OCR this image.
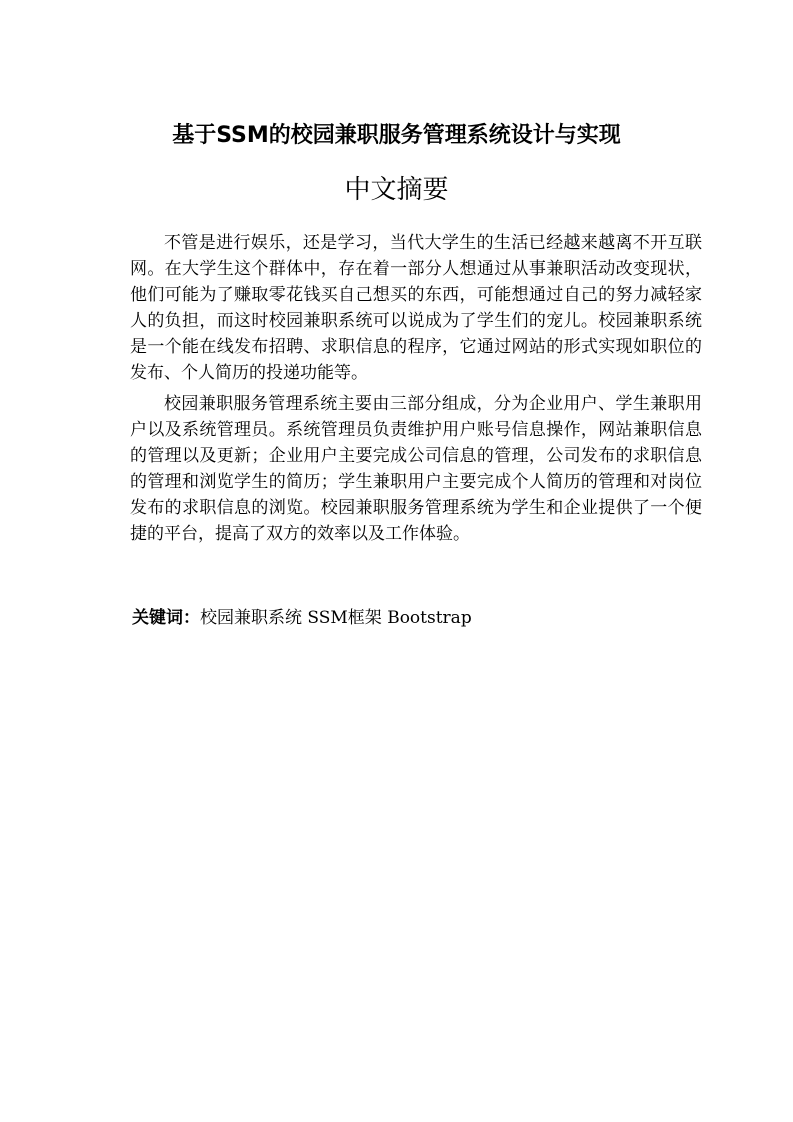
基于SSM的校园兼职服务管理系统设计与实现
中文摘要

不管是进行娱乐，还是学习，当代大学生的生活已经越来越离不开互联网。在大学生这个群体中，存在着一部分人想通过从事兼职活动改变现状，他们可能为了赚取零花钱买自己想买的东西，可能想通过自己的努力减轻家人的负担，而这时校园兼职系统可以说成为了学生们的宠儿。校园兼职系统是一个能在线发布招聘、求职信息的程序，它通过网站的形式实现如职位的发布、个人简历的投递功能等。

校园兼职服务管理系统主要由三部分组成，分为企业用户、学生兼职用户以及系统管理员。系统管理员负责维护用户账号信息操作，网站兼职信息的管理以及更新；企业用户主要完成公司信息的管理，公司发布的求职信息的管理和浏览学生的简历；学生兼职用户主要完成个人简历的管理和对岗位发布的求职信息的浏览。校园兼职服务管理系统为学生和企业提供了一个便捷的平台，提高了双方的效率以及工作体验。

关键词：校园兼职系统 SSM框架 Bootstrap
